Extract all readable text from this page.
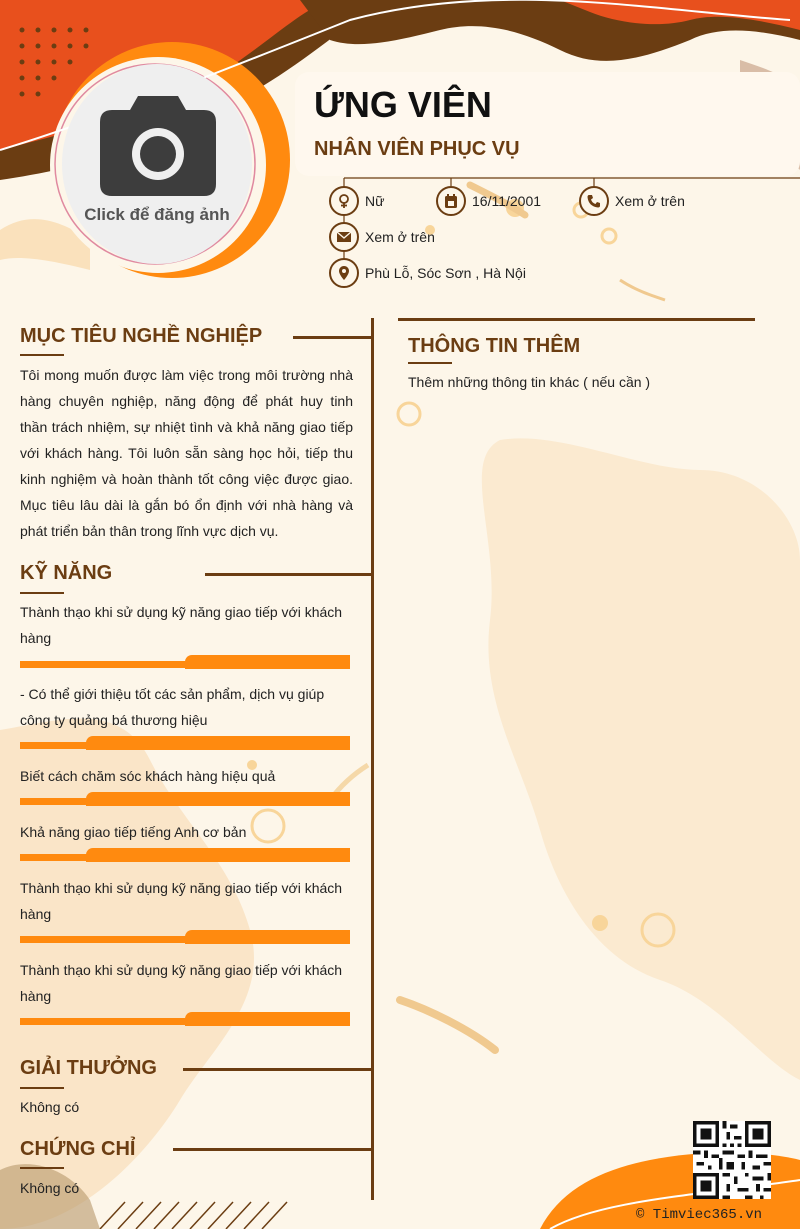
Click để đăng ảnh
ỨNG VIÊN
NHÂN VIÊN PHỤC VỤ
Nữ	16/11/2001	Xem ở trên
Xem ở trên
Phù Lỗ, Sóc Sơn , Hà Nội
MỤC TIÊU NGHỀ NGHIỆP
Tôi mong muốn được làm việc trong môi trường nhà hàng chuyên nghiệp, năng động để phát huy tinh thần trách nhiệm, sự nhiệt tình và khả năng giao tiếp với khách hàng. Tôi luôn sẵn sàng học hỏi, tiếp thu kinh nghiệm và hoàn thành tốt công việc được giao. Mục tiêu lâu dài là gắn bó ổn định với nhà hàng và phát triển bản thân trong lĩnh vực dịch vụ.
KỸ NĂNG
Thành thạo khi sử dụng kỹ năng giao tiếp với khách hàng
- Có thể giới thiệu tốt các sản phẩm, dịch vụ giúp công ty quảng bá thương hiệu
Biết cách chăm sóc khách hàng hiệu quả
Khả năng giao tiếp tiếng Anh cơ bản
Thành thạo khi sử dụng kỹ năng giao tiếp với khách hàng
Thành thạo khi sử dụng kỹ năng giao tiếp với khách hàng
GIẢI THƯỞNG
Không có
CHỨNG CHỈ
Không có
THÔNG TIN THÊM
Thêm những thông tin khác ( nếu cần )
© Timviec365.vn
